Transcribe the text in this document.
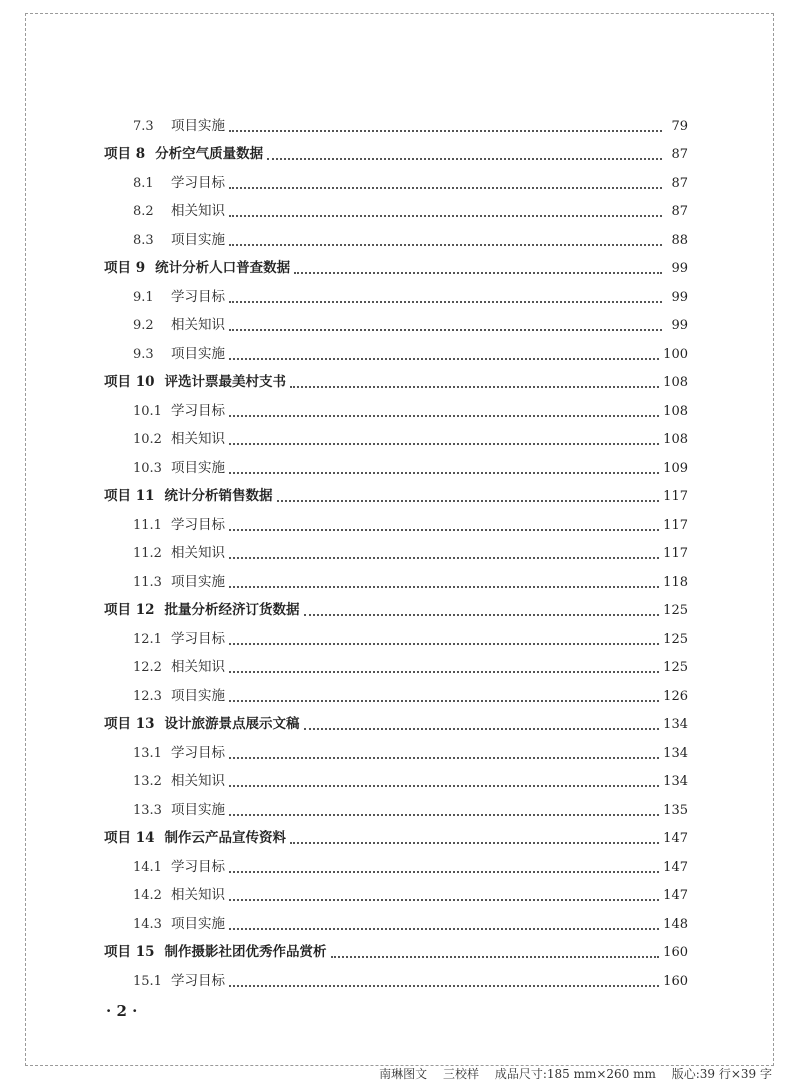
7.3	项目实施	79
项目 8 分析空气质量数据	87
8.1	学习目标	87
8.2	相关知识	87
8.3	项目实施	88
项目 9 统计分析人口普查数据	99
9.1	学习目标	99
9.2	相关知识	99
9.3	项目实施	100
项目 10 评选计票最美村支书	108
10.1 学习目标	108
10.2 相关知识	108
10.3 项目实施	109
项目 11 统计分析销售数据	117
11.1 学习目标	117
11.2 相关知识	117
11.3 项目实施	118
项目 12 批量分析经济订货数据	125
12.1 学习目标	125
12.2 相关知识	125
12.3 项目实施	126
项目 13 设计旅游景点展示文稿	134
13.1 学习目标	134
13.2 相关知识	134
13.3 项目实施	135
项目 14 制作云产品宣传资料	147
14.1 学习目标	147
14.2 相关知识	147
14.3 项目实施	148
项目 15 制作摄影社团优秀作品赏析	160
15.1 学习目标	160
· 2 ·
南琳图文 三校样 成品尺寸:185 mm×260 mm 版心:39 行×39 字
